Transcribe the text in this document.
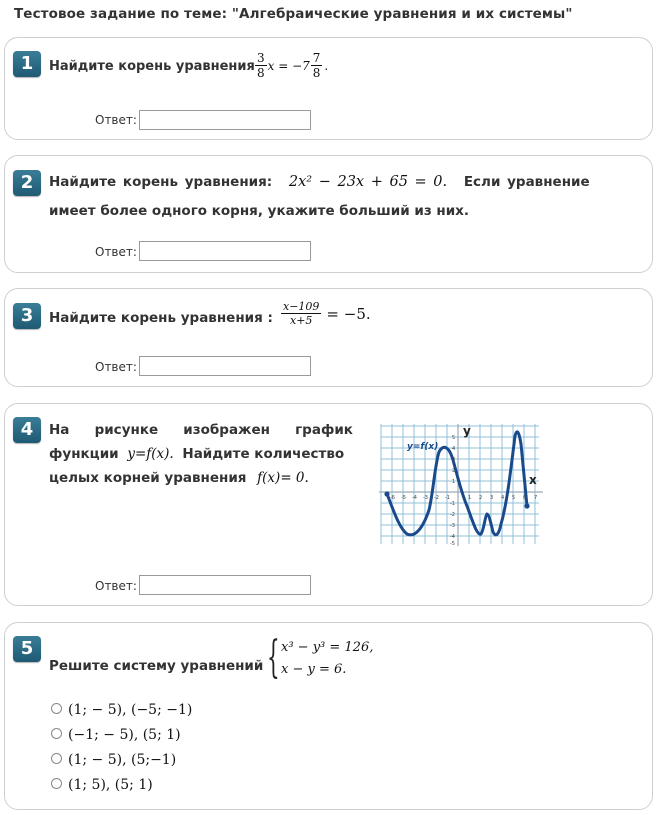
Тестовое задание по теме: "Алгебраические уравнения и их системы"
1	Найдите корень уравнения $\frac{3}{8}$ $x = -7 \frac{7}{8}$ .
Ответ:
2	Найдите корень уравнения: 2x² − 23x + 65 = 0. Если уравнение
имеет более одного корня, укажите больший из них.
Ответ:
3	Найдите корень уравнения : $\frac{x-109}{x+5} = -5$.
Ответ:
4	На рисунке изображен график
функции y=f(x). Найдите количество
целых корней уравнения f(x)= 0.
y=f(x)
y
x
-6 -5 -4 -3 -2 -1	1 2 3 4 5 6 7
5
4
3
2
1
-1
-2
-3
-4
-5
Ответ:
5
Решите систему уравнений { x³ − y³ = 126,
x − y = 6.
(1; − 5), (−5; −1)
(−1; − 5), (5; 1)
(1; − 5), (5;−1)
(1; 5), (5; 1)
